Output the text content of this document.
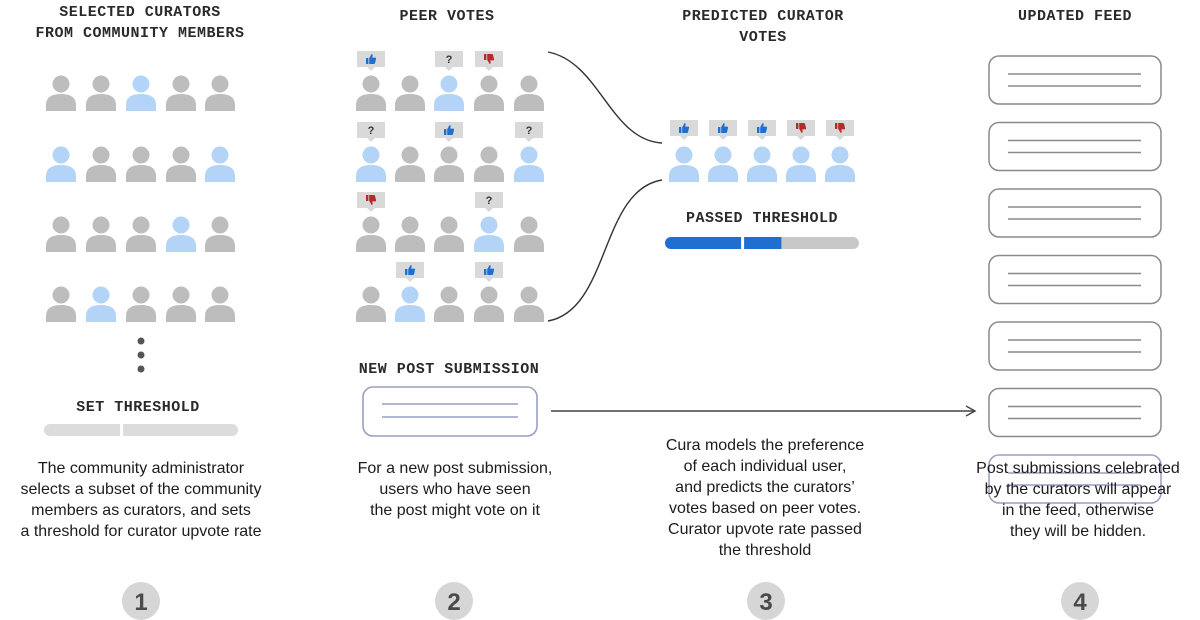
SELECTED CURATORS
FROM COMMUNITY MEMBERS
SET THRESHOLD
The community administrator
selects a subset of the community
members as curators, and sets
a threshold for curator upvote rate
1
PEER VOTES
?
?	?
?
NEW POST SUBMISSION
For a new post submission,
users who have seen
the post might vote on it
2
PREDICTED CURATOR
VOTES
PASSED THRESHOLD
Cura models the preference
of each individual user,
and predicts the curators’
votes based on peer votes.
Curator upvote rate passed
the threshold
3
UPDATED FEED
Post submissions celebrated
by the curators will appear
in the feed, otherwise
they will be hidden.
4
